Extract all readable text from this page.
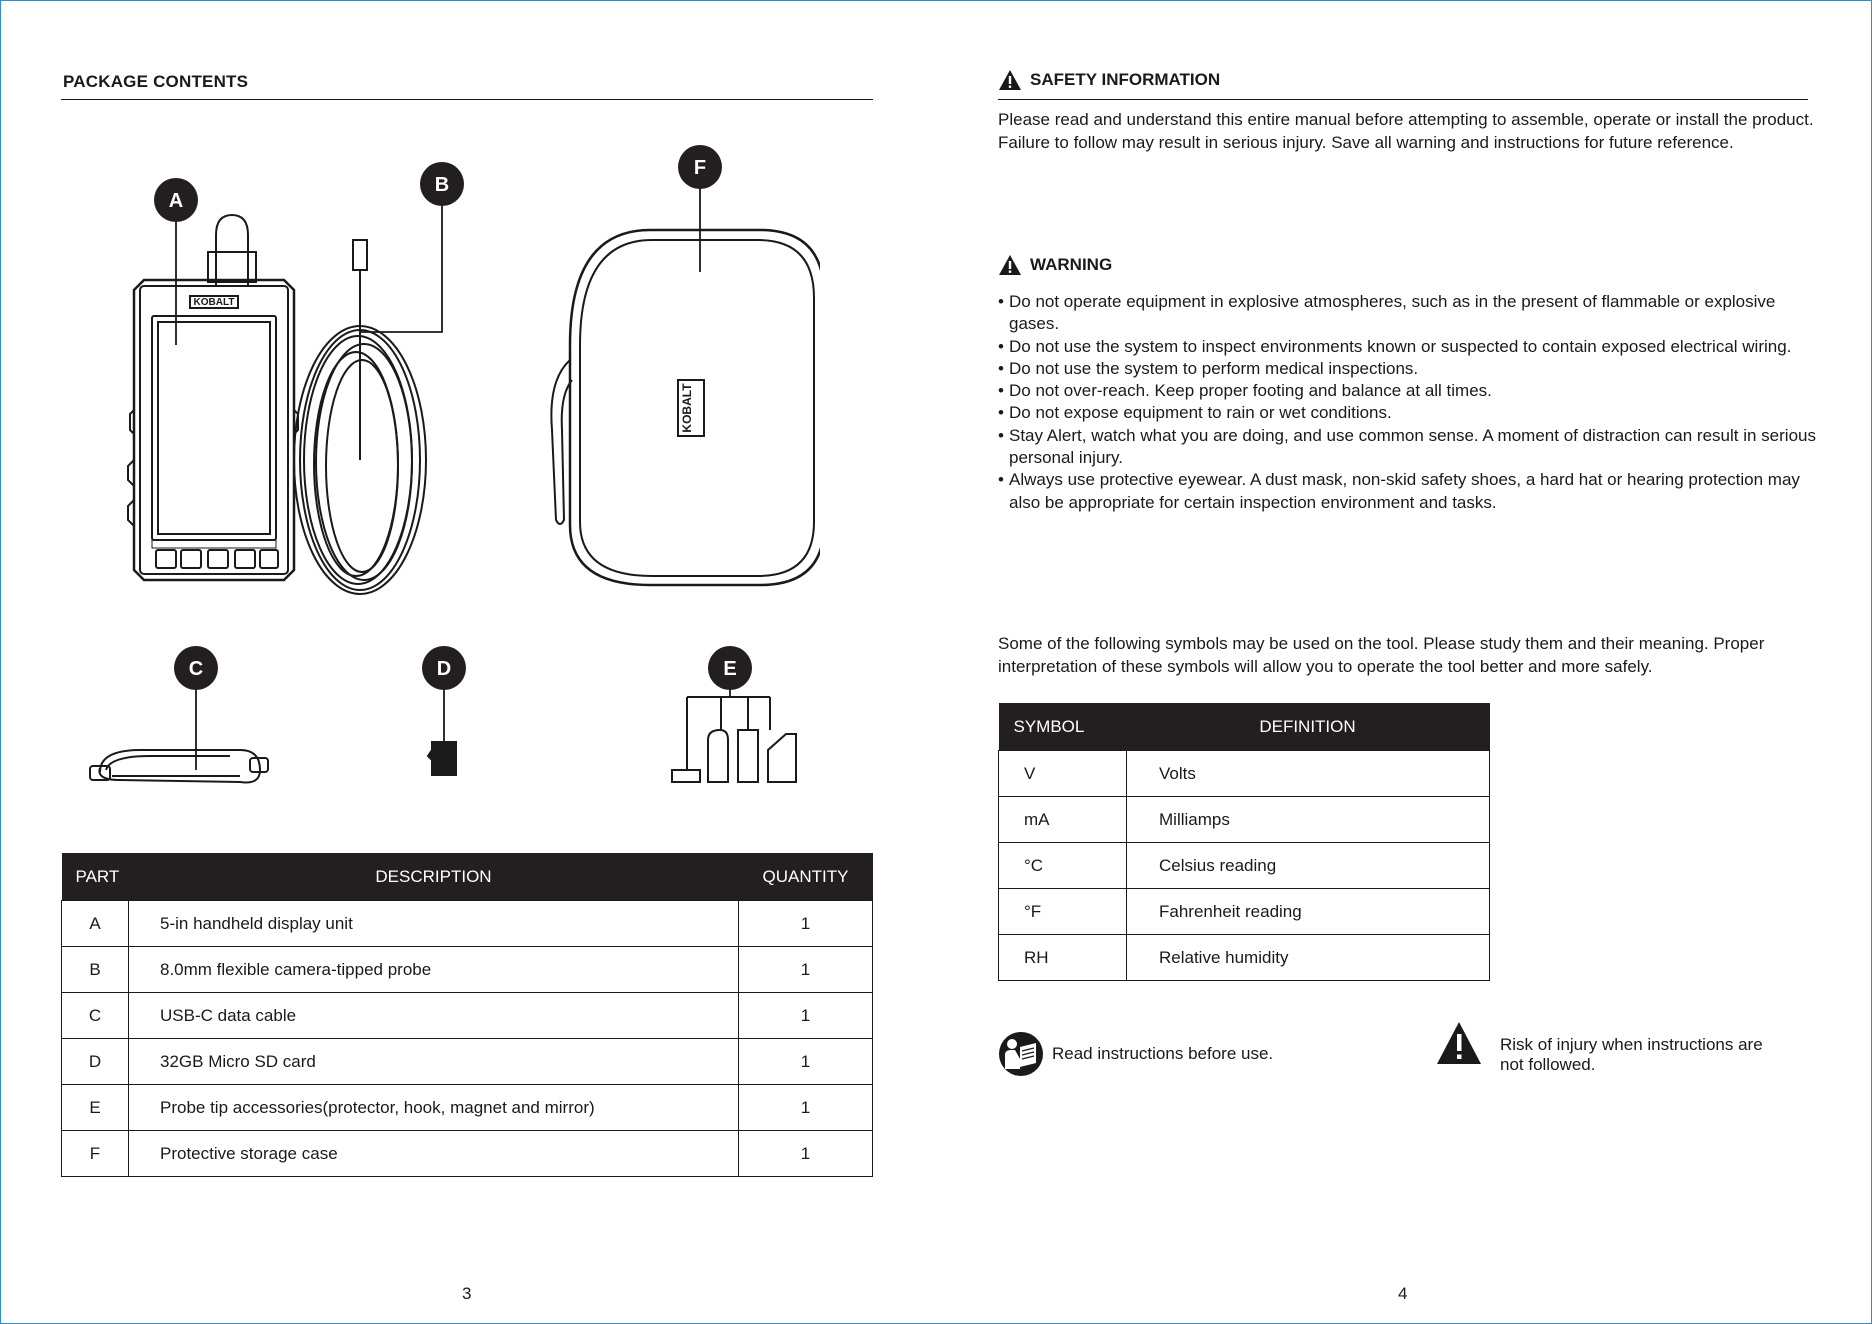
PACKAGE CONTENTS
KOBALT
A
B
F
C	D	E
KOBALT
PART	DESCRIPTION	QUANTITY
A	5-in handheld display unit	1
B	8.0mm flexible camera-tipped probe	1
C	USB-C data cable	1
D	32GB Micro SD card	1
E	Probe tip accessories(protector, hook, magnet and mirror)	1
F	Protective storage case	1
3
SAFETY INFORMATION
Please read and understand this entire manual before attempting to assemble, operate or install the product. Failure to follow may result in serious injury. Save all warning and instructions for future reference.
WARNING
• Do not operate equipment in explosive atmospheres, such as in the present of flammable or explosive gases.
• Do not use the system to inspect environments known or suspected to contain exposed electrical wiring.
• Do not use the system to perform medical inspections.
• Do not over-reach. Keep proper footing and balance at all times.
• Do not expose equipment to rain or wet conditions.
• Stay Alert, watch what you are doing, and use common sense. A moment of distraction can result in serious personal injury.
• Always use protective eyewear. A dust mask, non-skid safety shoes, a hard hat or hearing protection may also be appropriate for certain inspection environment and tasks.
Some of the following symbols may be used on the tool. Please study them and their meaning. Proper interpretation of these symbols will allow you to operate the tool better and more safely.
SYMBOL	DEFINITION
V	Volts
mA	Milliamps
°C	Celsius reading
°F	Fahrenheit reading
RH	Relative humidity
Read instructions before use.	Risk of injury when instructions are not followed.
4
